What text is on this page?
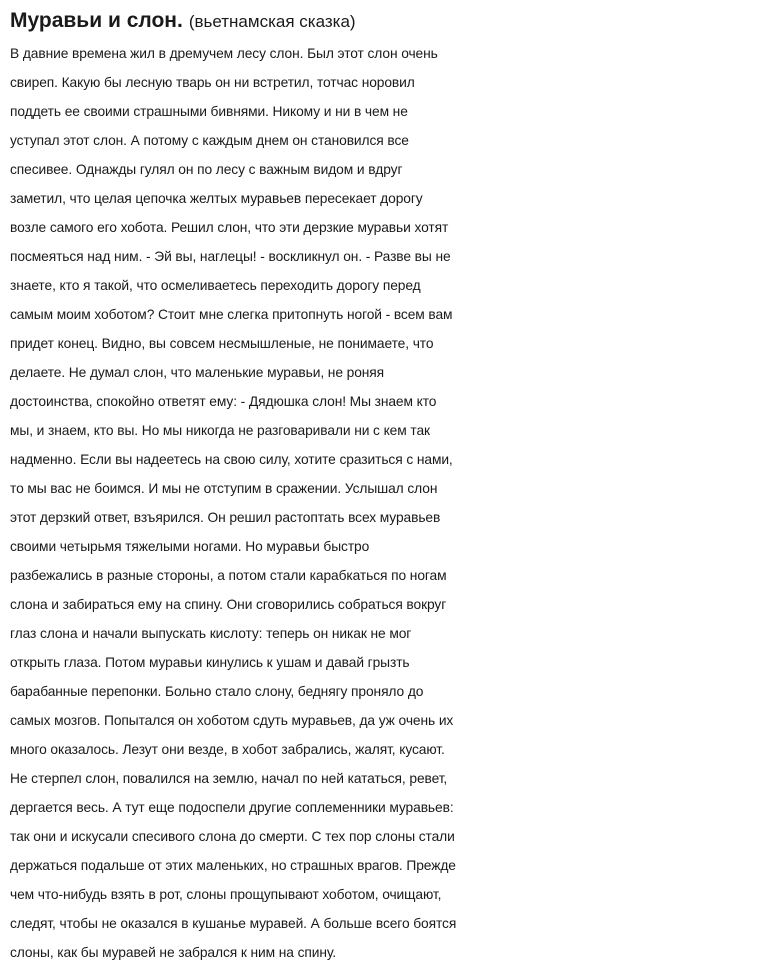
Муравьи и слон. (вьетнамская сказка)
В давние времена жил в дремучем лесу слон. Был этот слон очень
свиреп. Какую бы лесную тварь он ни встретил, тотчас норовил
поддеть ее своими страшными бивнями. Никому и ни в чем не
уступал этот слон. А потому с каждым днем он становился все
спесивее. Однажды гулял он по лесу с важным видом и вдруг
заметил, что целая цепочка желтых муравьев пересекает дорогу
возле самого его хобота. Решил слон, что эти дерзкие муравьи хотят
посмеяться над ним. - Эй вы, наглецы! - воскликнул он. - Разве вы не
знаете, кто я такой, что осмеливаетесь переходить дорогу перед
самым моим хоботом? Стоит мне слегка притопнуть ногой - всем вам
придет конец. Видно, вы совсем несмышленые, не понимаете, что
делаете. Не думал слон, что маленькие муравьи, не роняя
достоинства, спокойно ответят ему: - Дядюшка слон! Мы знаем кто
мы, и знаем, кто вы. Но мы никогда не разговаривали ни с кем так
надменно. Если вы надеетесь на свою силу, хотите сразиться с нами,
то мы вас не боимся. И мы не отступим в сражении. Услышал слон
этот дерзкий ответ, взъярился. Он решил растоптать всех муравьев
своими четырьмя тяжелыми ногами. Но муравьи быстро
разбежались в разные стороны, а потом стали карабкаться по ногам
слона и забираться ему на спину. Они сговорились собраться вокруг
глаз слона и начали выпускать кислоту: теперь он никак не мог
открыть глаза. Потом муравьи кинулись к ушам и давай грызть
барабанные перепонки. Больно стало слону, беднягу проняло до
самых мозгов. Попытался он хоботом сдуть муравьев, да уж очень их
много оказалось. Лезут они везде, в хобот забрались, жалят, кусают.
Не стерпел слон, повалился на землю, начал по ней кататься, ревет,
дергается весь. А тут еще подоспели другие соплеменники муравьев:
так они и искусали спесивого слона до смерти. С тех пор слоны стали
держаться подальше от этих маленьких, но страшных врагов. Прежде
чем что-нибудь взять в рот, слоны прощупывают хоботом, очищают,
следят, чтобы не оказался в кушанье муравей. А больше всего боятся
слоны, как бы муравей не забрался к ним на спину.
